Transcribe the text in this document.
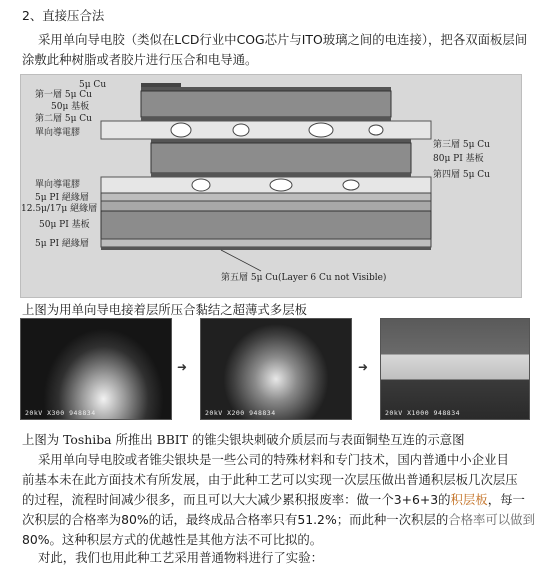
2、直接压合法
采用单向导电胶（类似在LCD行业中COG芯片与ITO玻璃之间的电连接），把各双面板层间
涂敷此种树脂或者胶片进行压合和电导通。
5μ Cu
第一層 5μ Cu
50μ 基板
第二層 5μ Cu
單向導電膠
單向導電膠
5μ PI 絕緣層
12.5μ/17μ 絕緣層
50μ PI 基板
5μ PI 絕緣層
第三層 5μ Cu
80μ PI 基板
第四層 5μ Cu
第五層 5μ Cu(Layer 6 Cu not Visible)
上图为用单向导电接着层所压合黏结之超薄式多层板
20kV X300 948834
➜
20kV X200 948834
➜
20kV X1000 948834
上图为 Toshiba 所推出 BBIT 的锥尖银块刺破介质层而与表面铜垫互连的示意图
采用单向导电胶或者锥尖银块是一些公司的特殊材料和专门技术，国内普通中小企业目
前基本未在此方面技术有所发展，由于此种工艺可以实现一次层压做出普通积层板几次层压
的过程，流程时间减少很多，而且可以大大减少累积报废率：做一个3+6+3的积层板，每一
次积层的合格率为80%的话，最终成品合格率只有51.2%；而此种一次积层的合格率可以做到
80%。这种积层方式的优越性是其他方法不可比拟的。
对此，我们也用此种工艺采用普通物料进行了实验：
